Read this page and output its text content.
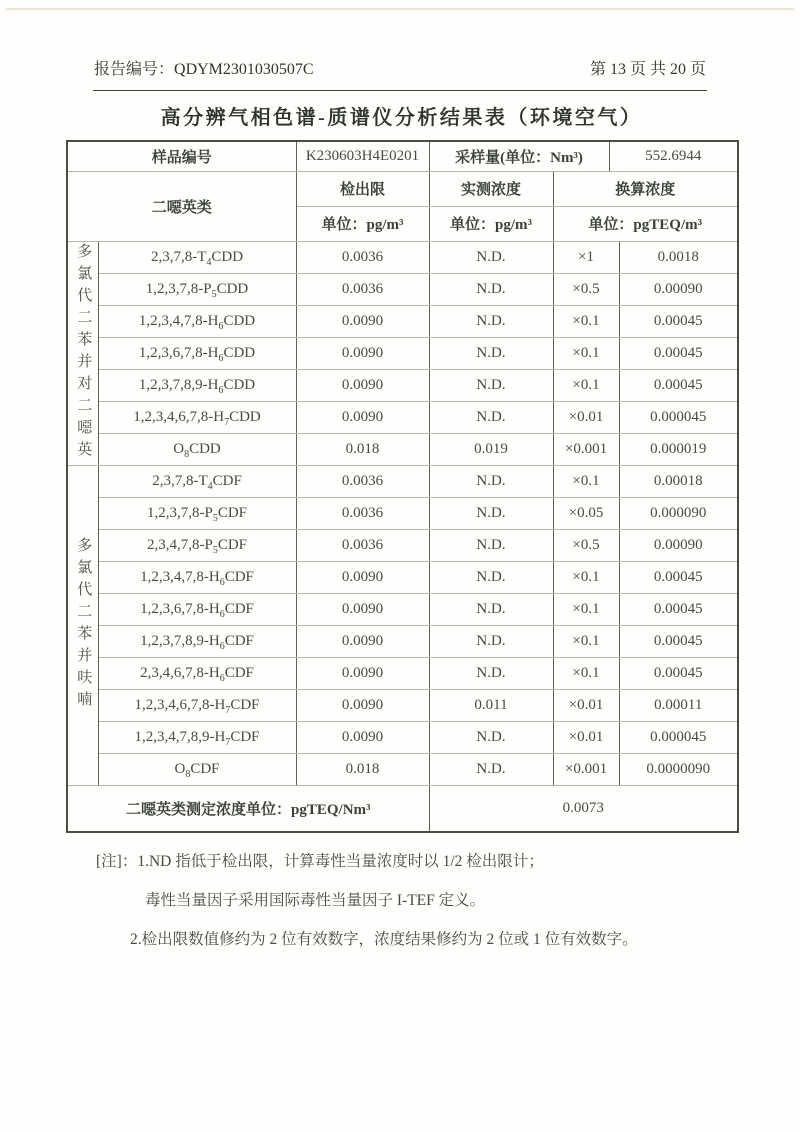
报告编号：QDYM2301030507C	第 13 页 共 20 页
高分辨气相色谱-质谱仪分析结果表（环境空气）
样品编号		K230603H4E0201	采样量(单位：Nm³)		552.6944	
二噁英类		检出限	实测浓度	换算浓度		
		单位：pg/m³	单位：pg/m³	单位：pgTEQ/m³		

多氯代二苯并对二噁英	$2,3,7,8-T_4CDD$	0.0036	N.D.	×1		0.0018
	$1,2,3,7,8-P_5CDD$	0.0036	N.D.	×0.5		0.00090
	$1,2,3,4,7,8-H_6CDD$	0.0090	N.D.	×0.1		0.00045
	$1,2,3,6,7,8-H_6CDD$	0.0090	N.D.	×0.1		0.00045
	$1,2,3,7,8,9-H_6CDD$	0.0090	N.D.	×0.1		0.00045
	$1,2,3,4,6,7,8-H_7CDD$	0.0090	N.D.	×0.01		0.000045
	$O_8CDD$	0.018	0.019	×0.001		0.000019

多氯代二苯并呋喃	$2,3,7,8-T_4CDF$	0.0036	N.D.	×0.1		0.00018
	$1,2,3,7,8-P_5CDF$	0.0036	N.D.	×0.05		0.000090
	$2,3,4,7,8-P_5CDF$	0.0036	N.D.	×0.5		0.00090
	$1,2,3,4,7,8-H_6CDF$	0.0090	N.D.	×0.1		0.00045
	$1,2,3,6,7,8-H_6CDF$	0.0090	N.D.	×0.1		0.00045
	$1,2,3,7,8,9-H_6CDF$	0.0090	N.D.	×0.1		0.00045
	$2,3,4,6,7,8-H_6CDF$	0.0090	N.D.	×0.1		0.00045
	$1,2,3,4,6,7,8-H_7CDF$	0.0090	0.011	×0.01		0.00011
	$1,2,3,4,7,8,9-H_7CDF$	0.0090	N.D.	×0.01		0.000045
	$O_8CDF$	0.018	N.D.	×0.001		0.0000090
二噁英类测定浓度单位：pgTEQ/Nm³			0.0073			
[注]：1.ND 指低于检出限，计算毒性当量浓度时以 1/2 检出限计；
毒性当量因子采用国际毒性当量因子 I-TEF 定义。
2.检出限数值修约为 2 位有效数字，浓度结果修约为 2 位或 1 位有效数字。
